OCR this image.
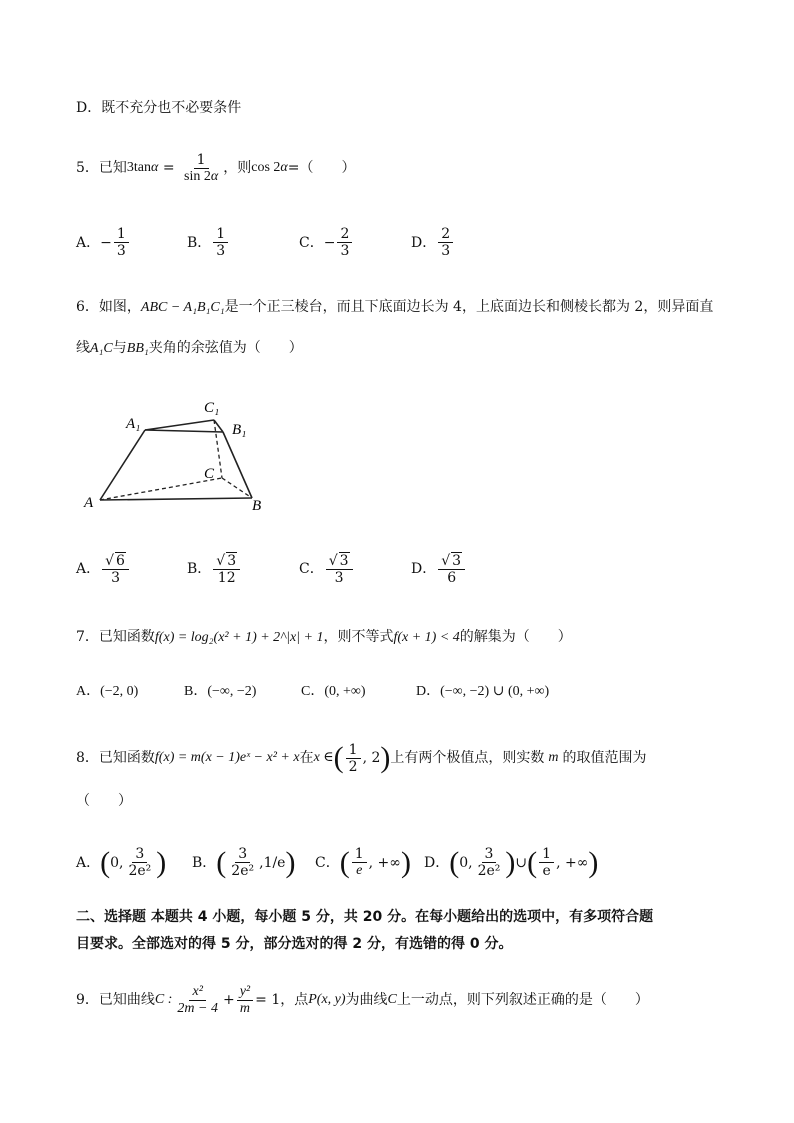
D．既不充分也不必要条件
5．已知 3tan $\alpha = \frac{1}{\sin 2\alpha}$ ，则 cos 2 α =（　　）
A． − $\frac{1}{3}$	B． $\frac{1}{3}$	C． − $\frac{2}{3}$	D． $\frac{2}{3}$
6．如图，ABC − A₁B₁C₁是一个正三棱台，而且下底面边长为 4，上底面边长和侧棱长都为 2，则异面直
线A₁C与BB₁夹角的余弦值为（　　）
A₁
C₁
B₁
C
A	B
A． $\frac{√ 6}{3}$	B． $\frac{√ 3}{12}$	C． $\frac{√ 3}{3}$	D． $\frac{√ 3}{6}$
7．已知函数f(x) = log₂(x² + 1) + 2^|x| + 1，则不等式f(x + 1) < 4的解集为（　　）
A．(−2, 0)	B．(−∞, −2)	C．(0, +∞)	D．(−∞, −2) ∪ (0, +∞)
8．已知函数 f(x) = m(x − 1)eˣ − x² + x 在 x ∈ ( $\frac{1}{2}$ , 2 ) 上有两个极值点，则实数 m 的取值范围为
（　　）
A． ( 0, $\frac{3}{\text{2e²}}$ ) B． ( $\frac{3}{\text{2e²}}$ , 1/e ) C． ( $\frac{1}{e}$ , +∞ ) D． ( 0, $\frac{3}{\text{2e²}}$ ) ∪ ( $\frac{1}{e}$ , +∞ )
二、选择题 本题共 4 小题，每小题 5 分，共 20 分。在每小题给出的选项中，有多项符合题
目要求。全部选对的得 5 分，部分选对的得 2 分，有选错的得 0 分。
9．已知曲线 C : $\frac{\text{x²}}{2m - 4} + \frac{\text{y²}}{m} = 1$ ，点 P(x, y) 为曲线 C 上一动点，则下列叙述正确的是（　　）
